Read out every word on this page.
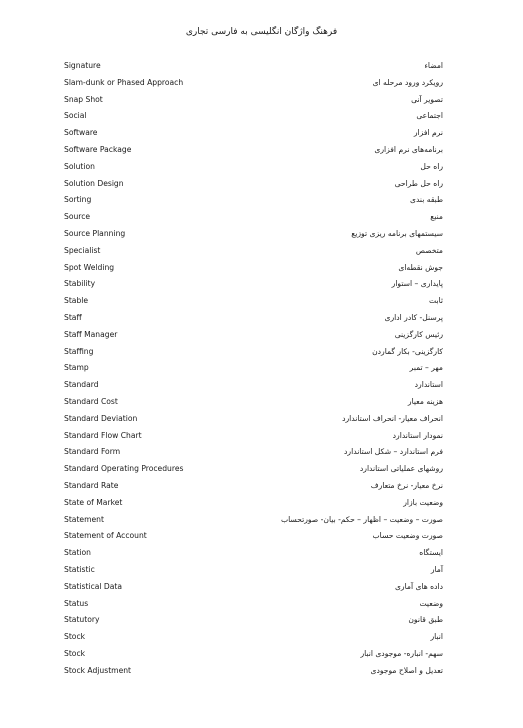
فرهنگ واژگان انگلیسی به فارسی تجاری
Signature	امضاء
Slam-dunk or Phased Approach	رویکرد ورود مرحله ای
Snap Shot	تصویر آنی
Social	اجتماعی
Software	نرم افزار
Software Package	برنامه‌های نرم افزاری
Solution	راه حل
Solution Design	راه حل طراحی
Sorting	طبقه بندی
Source	منبع
Source Planning	سیستمهای برنامه ریزی توزیع
Specialist	متخصص
Spot Welding	جوش نقطه‌ای
Stability	پایداری – استوار
Stable	ثابت
Staff	پرسنل- کادر اداری
Staff Manager	رئیس کارگزینی
Staffing	کارگزینی- بکار گماردن
Stamp	مهر – تمبر
Standard	استاندارد
Standard Cost	هزینه معیار
Standard Deviation	انحراف معیار- انحراف استاندارد
Standard Flow Chart	نمودار استاندارد
Standard Form	فرم استاندارد – شکل استاندارد
Standard Operating Procedures	روشهای عملیاتی استاندارد
Standard Rate	نرخ معیار- نرخ متعارف
State of Market	وضعیت بازار
Statement	صورت – وضعیت – اظهار – حکم- بیان- صورتحساب
Statement of Account	صورت وضعیت حساب
Station	ایستگاه
Statistic	آمار
Statistical Data	داده های آماری
Status	وضعیت
Statutory	طبق قانون
Stock	انبار
Stock	سهم- انباره- موجودی انبار
Stock Adjustment	تعدیل و اصلاح موجودی
